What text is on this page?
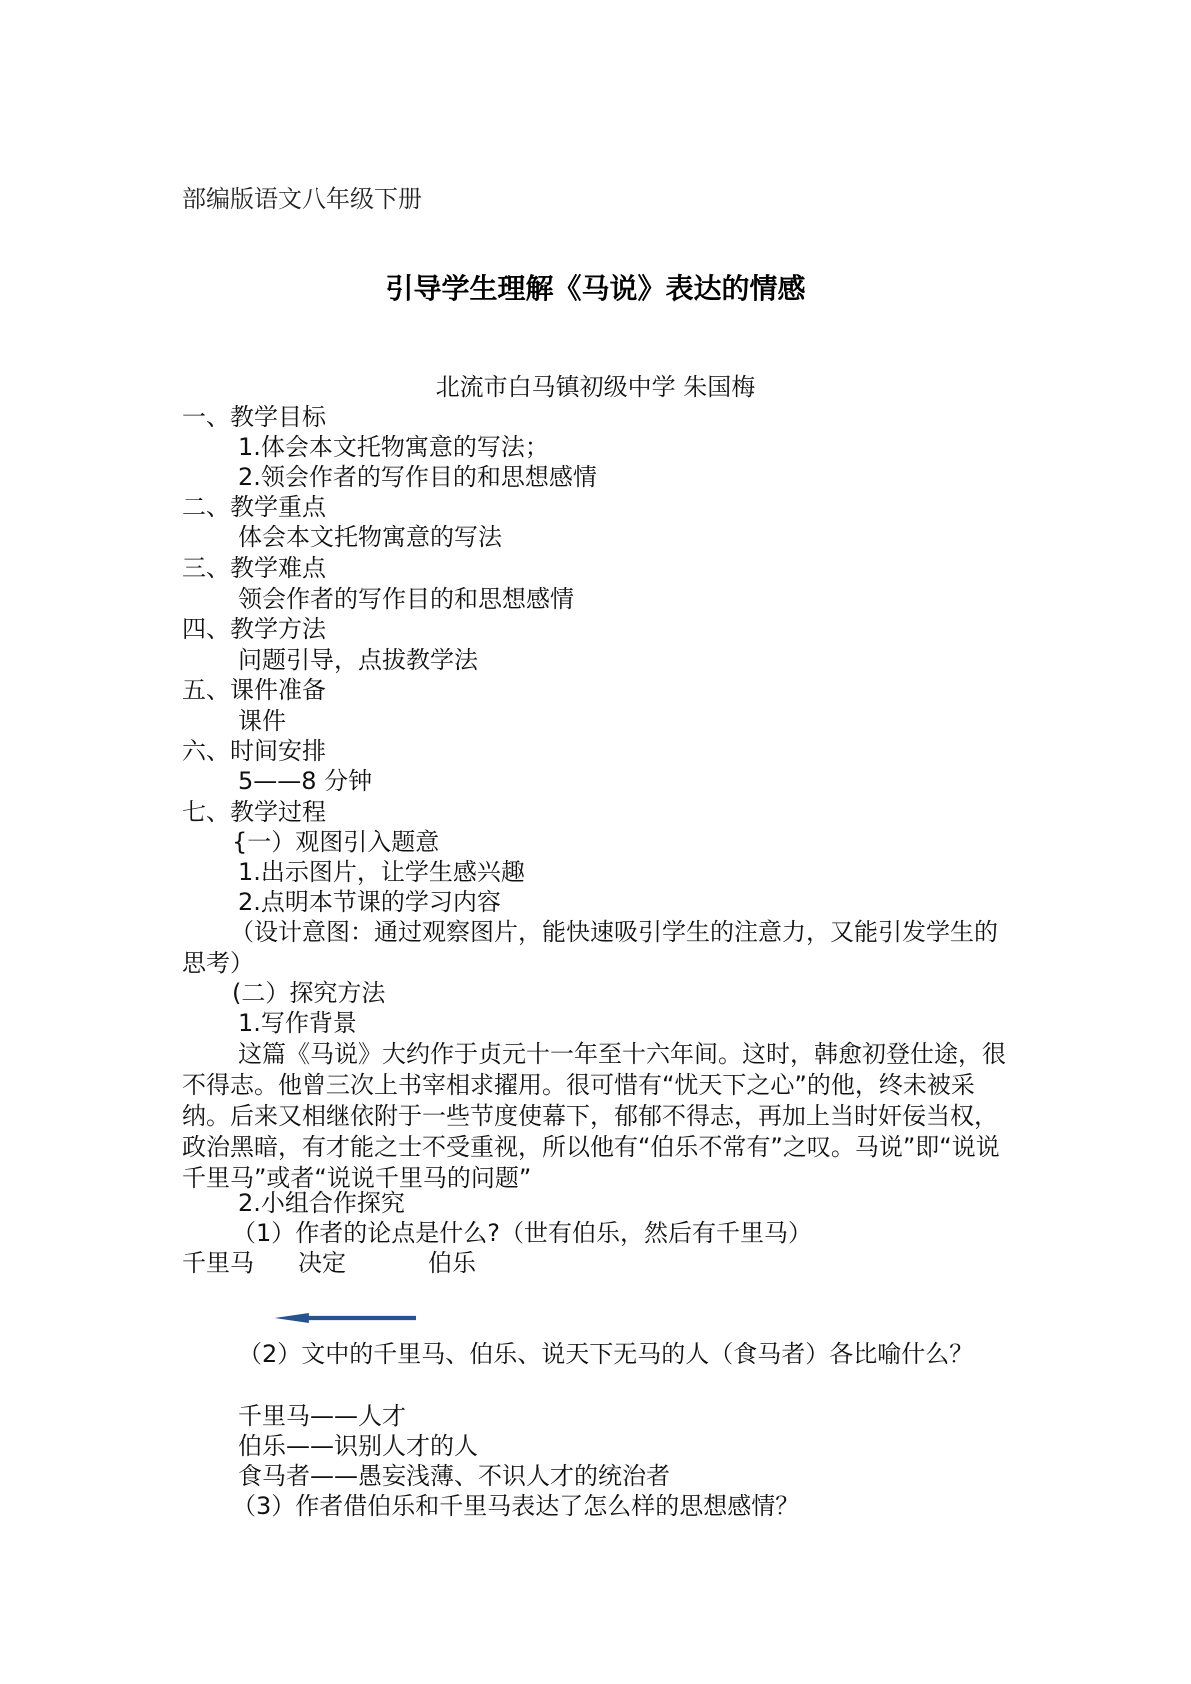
部编版语文八年级下册
引导学生理解《马说》表达的情感
北流市白马镇初级中学 朱国梅
一、教学目标
1.体会本文托物寓意的写法；
2.领会作者的写作目的和思想感情
二、教学重点
体会本文托物寓意的写法
三、教学难点
领会作者的写作目的和思想感情
四、教学方法
问题引导，点拔教学法
五、课件准备
课件
六、时间安排
5——8 分钟
七、教学过程
{一）观图引入题意
1.出示图片，让学生感兴趣
2.点明本节课的学习内容
（设计意图：通过观察图片，能快速吸引学生的注意力，又能引发学生的思考）
(二）探究方法
1.写作背景
这篇《马说》大约作于贞元十一年至十六年间。这时，韩愈初登仕途，很不得志。他曾三次上书宰相求擢用。很可惜有“忧天下之心”的他，终未被采纳。后来又相继依附于一些节度使幕下，郁郁不得志，再加上当时奸佞当权，政治黑暗，有才能之士不受重视，所以他有“伯乐不常有”之叹。马说”即“说说千里马”或者“说说千里马的问题”
2.小组合作探究
（1）作者的论点是什么?（世有伯乐，然后有千里马）
千里马 决定	伯乐
（2）文中的千里马、伯乐、说天下无马的人（食马者）各比喻什么？
千里马——人才
伯乐——识别人才的人
食马者——愚妄浅薄、不识人才的统治者
（3）作者借伯乐和千里马表达了怎么样的思想感情？
